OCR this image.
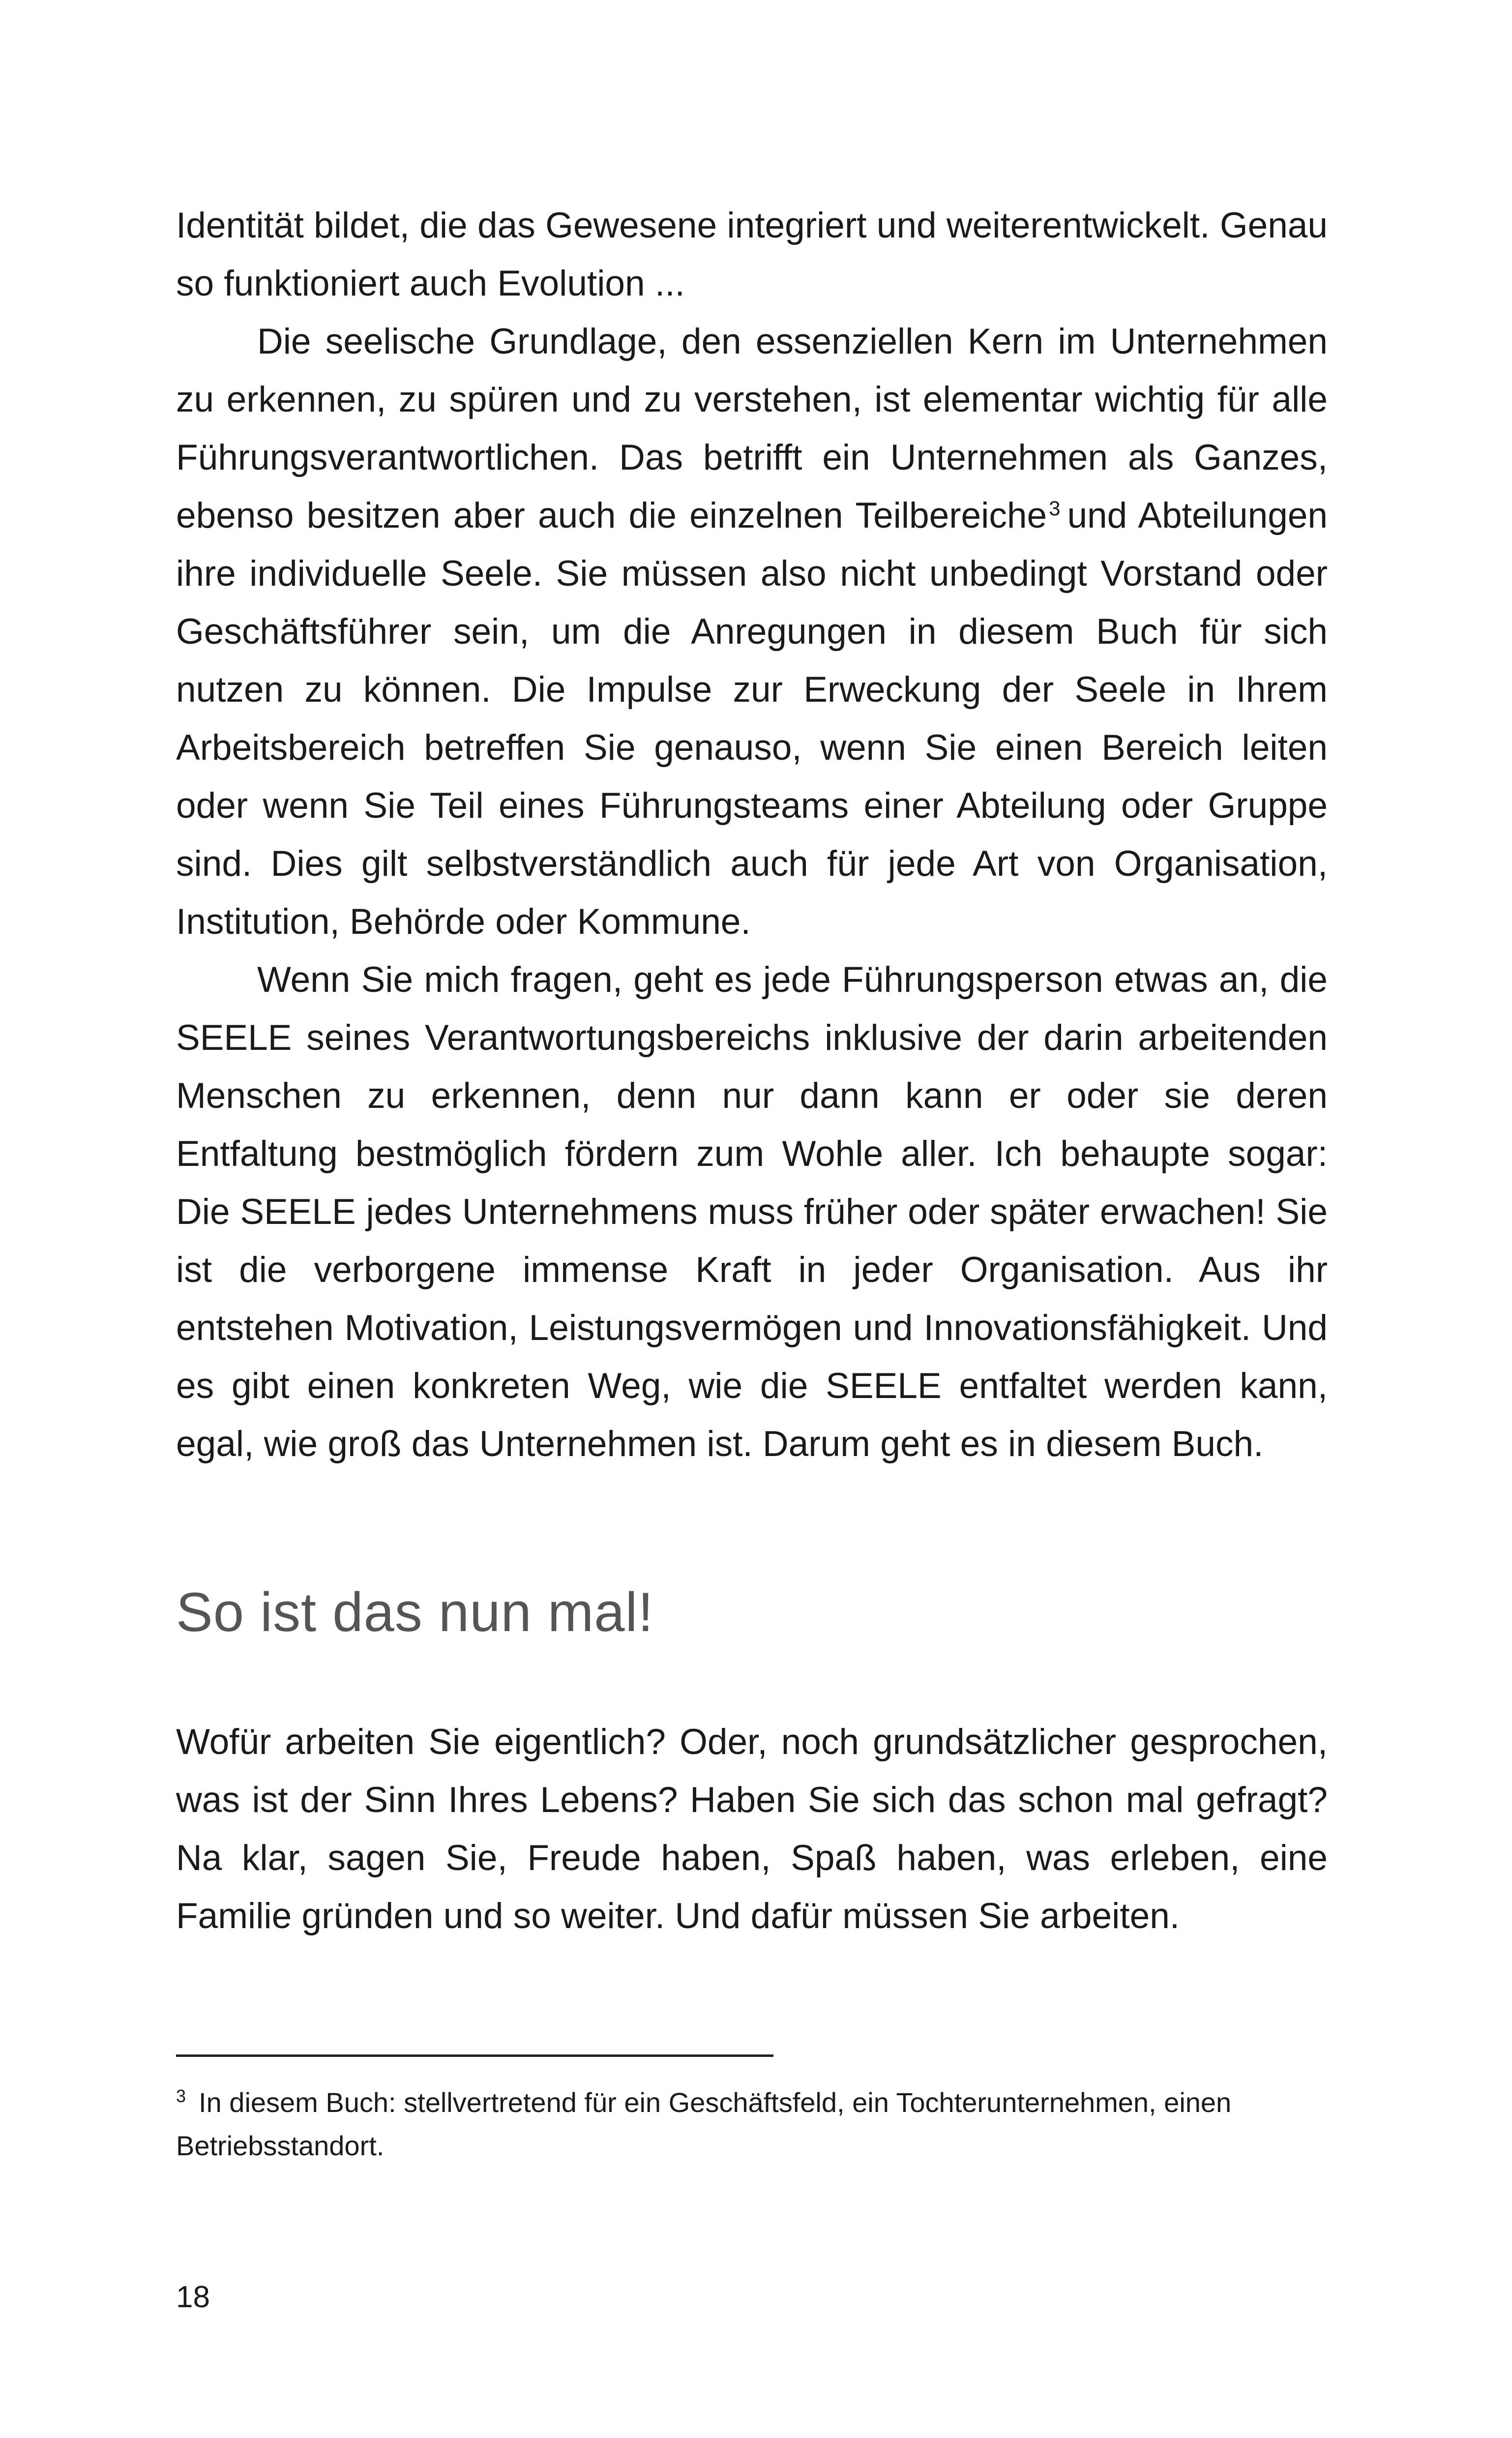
Identität bildet, die das Gewesene integriert und weiterentwickelt. Genau so funktioniert auch Evolution ...

Die seelische Grundlage, den essenziellen Kern im Unternehmen zu erkennen, zu spüren und zu verstehen, ist elementar wichtig für alle Führungsverantwortlichen. Das betrifft ein Unternehmen als Ganzes, ebenso besitzen aber auch die einzelnen Teilbereiche$^3$ und Abteilungen ihre individuelle Seele. Sie müssen also nicht unbedingt Vorstand oder Geschäftsführer sein, um die Anregungen in diesem Buch für sich nutzen zu können. Die Impulse zur Erweckung der Seele in Ihrem Arbeitsbereich betreffen Sie genauso, wenn Sie einen Bereich leiten oder wenn Sie Teil eines Führungsteams einer Abteilung oder Gruppe sind. Dies gilt selbstverständlich auch für jede Art von Organisation, Institution, Behörde oder Kommune.

Wenn Sie mich fragen, geht es jede Führungsperson etwas an, die SEELE seines Verantwortungsbereichs inklusive der darin arbeitenden Menschen zu erkennen, denn nur dann kann er oder sie deren Entfaltung bestmöglich fördern zum Wohle aller. Ich behaupte sogar: Die SEELE jedes Unternehmens muss früher oder später erwachen! Sie ist die verborgene immense Kraft in jeder Organisation. Aus ihr entstehen Motivation, Leistungsvermögen und Innovationsfähigkeit. Und es gibt einen konkreten Weg, wie die SEELE entfaltet werden kann, egal, wie groß das Unternehmen ist. Darum geht es in diesem Buch.

So ist das nun mal!

Wofür arbeiten Sie eigentlich? Oder, noch grundsätzlicher gesprochen, was ist der Sinn Ihres Lebens? Haben Sie sich das schon mal gefragt? Na klar, sagen Sie, Freude haben, Spaß haben, was erleben, eine Familie gründen und so weiter. Und dafür müssen Sie arbeiten.

$^3$ In diesem Buch: stellvertretend für ein Geschäftsfeld, ein Tochterunternehmen, einen Betriebsstandort.
18
